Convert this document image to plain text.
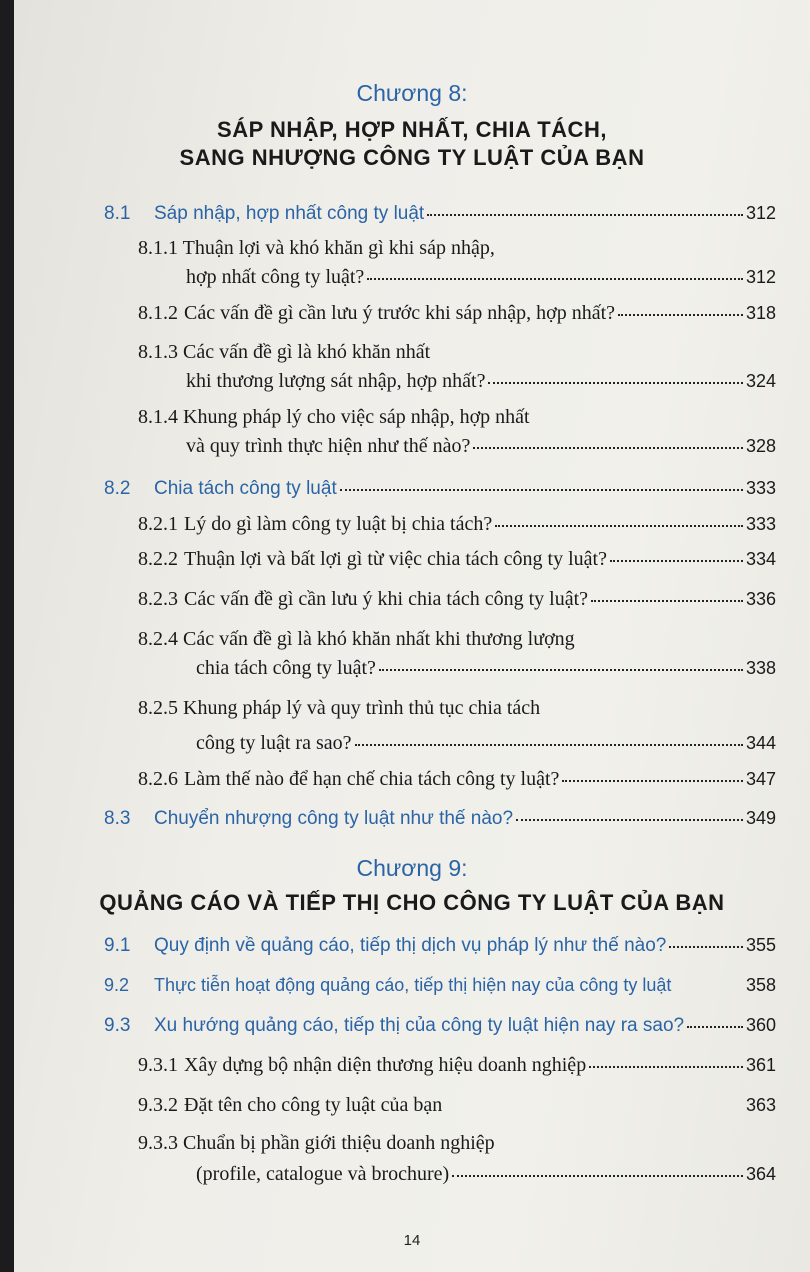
Chương 8:
SÁP NHẬP, HỢP NHẤT, CHIA TÁCH,
SANG NHƯỢNG CÔNG TY LUẬT CỦA BẠN
8.1	Sáp nhập, hợp nhất công ty luật	312
8.1.1 Thuận lợi và khó khăn gì khi sáp nhập,
hợp nhất công ty luật?	312
8.1.2 Các vấn đề gì cần lưu ý trước khi sáp nhập, hợp nhất?	318
8.1.3 Các vấn đề gì là khó khăn nhất
khi thương lượng sát nhập, hợp nhất?	324
8.1.4 Khung pháp lý cho việc sáp nhập, hợp nhất
và quy trình thực hiện như thế nào?	328
8.2	Chia tách công ty luật	333
8.2.1 Lý do gì làm công ty luật bị chia tách?	333
8.2.2 Thuận lợi và bất lợi gì từ việc chia tách công ty luật?	334
8.2.3 Các vấn đề gì cần lưu ý khi chia tách công ty luật?	336
8.2.4 Các vấn đề gì là khó khăn nhất khi thương lượng
chia tách công ty luật?	338
8.2.5 Khung pháp lý và quy trình thủ tục chia tách
công ty luật ra sao?	344
8.2.6 Làm thế nào để hạn chế chia tách công ty luật?	347
8.3	Chuyển nhượng công ty luật như thế nào?	349
Chương 9:
QUẢNG CÁO VÀ TIẾP THỊ CHO CÔNG TY LUẬT CỦA BẠN
9.1	Quy định về quảng cáo, tiếp thị dịch vụ pháp lý như thế nào?	355
9.2	Thực tiễn hoạt động quảng cáo, tiếp thị hiện nay của công ty luật	358
9.3	Xu hướng quảng cáo, tiếp thị của công ty luật hiện nay ra sao?	360
9.3.1 Xây dựng bộ nhận diện thương hiệu doanh nghiệp	361
9.3.2 Đặt tên cho công ty luật của bạn	363
9.3.3 Chuẩn bị phần giới thiệu doanh nghiệp
(profile, catalogue và brochure)	364
14
